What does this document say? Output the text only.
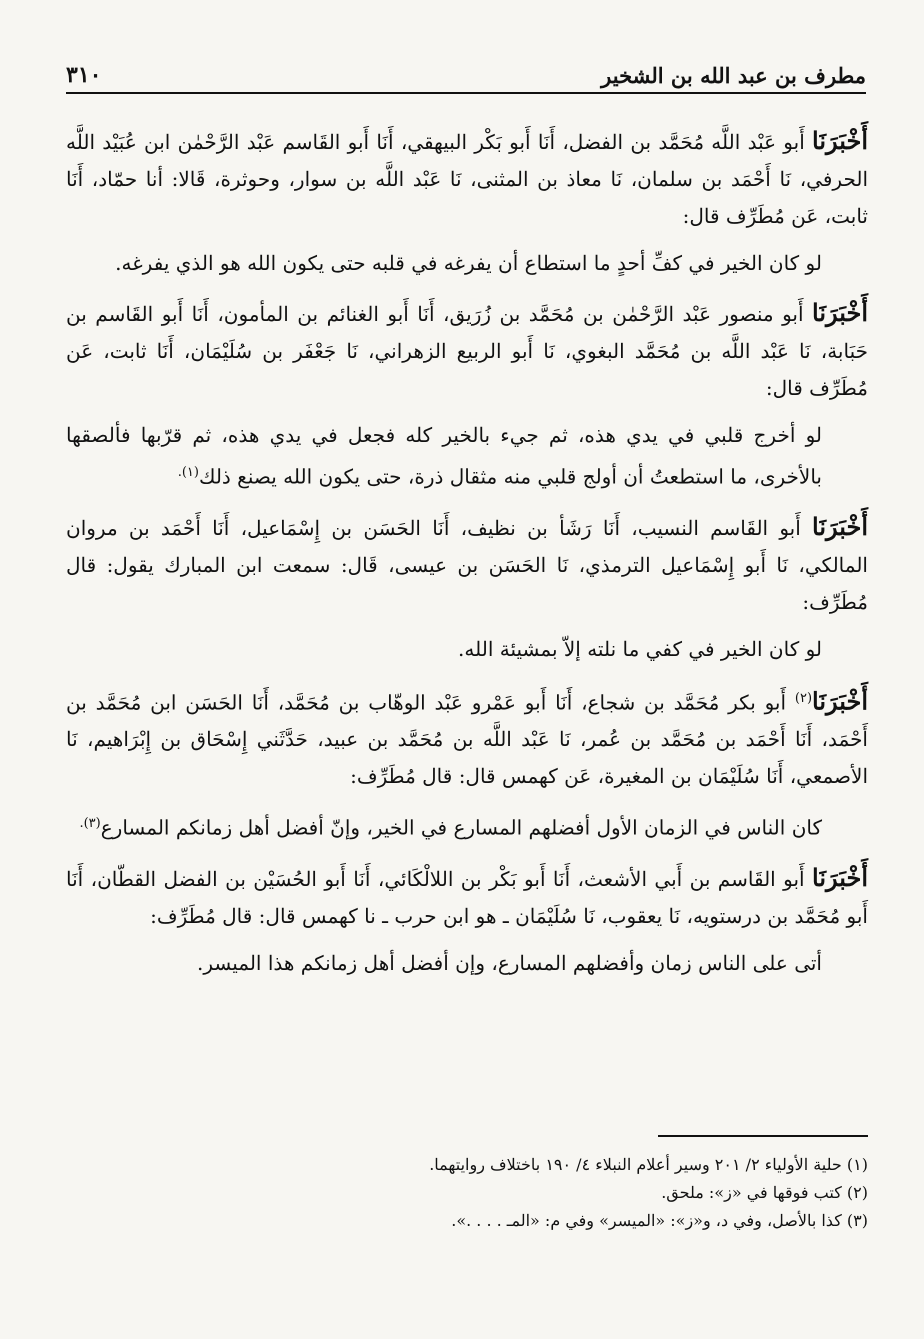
مطرف بن عبد الله بن الشخير
٣١٠

أَخْبَرَنَا أَبو عَبْد اللَّه مُحَمَّد بن الفضل، أَنَا أَبو بَكْر البيهقي، أَنَا أَبو القَاسم عَبْد الرَّحْمٰن ابن عُبَيْد اللَّه الحرفي، نَا أَحْمَد بن سلمان، نَا معاذ بن المثنى، نَا عَبْد اللَّه بن سوار، وحوثرة، قَالا: أنا حمّاد، أَنَا ثابت، عَن مُطَرِّف قال:

لو كان الخير في كفِّ أحدٍ ما استطاع أن يفرغه في قلبه حتى يكون الله هو الذي يفرغه.

أَخْبَرَنَا أَبو منصور عَبْد الرَّحْمٰن بن مُحَمَّد بن زُرَيق، أَنَا أَبو الغنائم بن المأمون، أَنَا أَبو القَاسم بن حَبَابة، نَا عَبْد اللَّه بن مُحَمَّد البغوي، نَا أَبو الربيع الزهراني، نَا جَعْفَر بن سُلَيْمَان، أَنَا ثابت، عَن مُطَرِّف قال:

لو أخرج قلبي في يدي هذه، ثم جيء بالخير كله فجعل في يدي هذه، ثم قرّبها فألصقها بالأخرى، ما استطعتُ أن أولج قلبي منه مثقال ذرة، حتى يكون الله يصنع ذلك$^{(١).}$

أَخْبَرَنَا أَبو القَاسم النسيب، أَنَا رَشَأ بن نظيف، أَنَا الحَسَن بن إِسْمَاعيل، أَنَا أَحْمَد بن مروان المالكي، نَا أَبو إِسْمَاعيل الترمذي، نَا الحَسَن بن عيسى، قَال: سمعت ابن المبارك يقول: قال مُطَرِّف:

لو كان الخير في كفي ما نلته إلاّ بمشيئة الله.

أَخْبَرَنَا$^{(٢)}$ أَبو بكر مُحَمَّد بن شجاع، أَنَا أَبو عَمْرو عَبْد الوهّاب بن مُحَمَّد، أَنَا الحَسَن ابن مُحَمَّد بن أَحْمَد، أَنَا أَحْمَد بن مُحَمَّد بن عُمر، نَا عَبْد اللَّه بن مُحَمَّد بن عبيد، حَدَّثَني إِسْحَاق بن إِبْرَاهيم، نَا الأصمعي، أَنَا سُلَيْمَان بن المغيرة، عَن كهمس قال: قال مُطَرِّف:

كان الناس في الزمان الأول أفضلهم المسارع في الخير، وإنّ أفضل أهل زمانكم المسارع$^{(٣).}$

أَخْبَرَنَا أَبو القَاسم بن أَبي الأشعث، أَنَا أَبو بَكْر بن اللالْكَائي، أَنَا أَبو الحُسَيْن بن الفضل القطّان، أَنَا أَبو مُحَمَّد بن درستويه، نَا يعقوب، نَا سُلَيْمَان ـ هو ابن حرب ـ نا كهمس قال: قال مُطَرِّف:

أتى على الناس زمان وأفضلهم المسارع، وإن أفضل أهل زمانكم هذا الميسر.

(١) حلية الأولياء ٢/ ٢٠١ وسير أعلام النبلاء ٤/ ١٩٠ باختلاف روايتهما.
(٢) كتب فوقها في «ز»: ملحق.
(٣) كذا بالأصل، وفي د، و«ز»: «الميسر» وفي م: «المـ . . . .».
